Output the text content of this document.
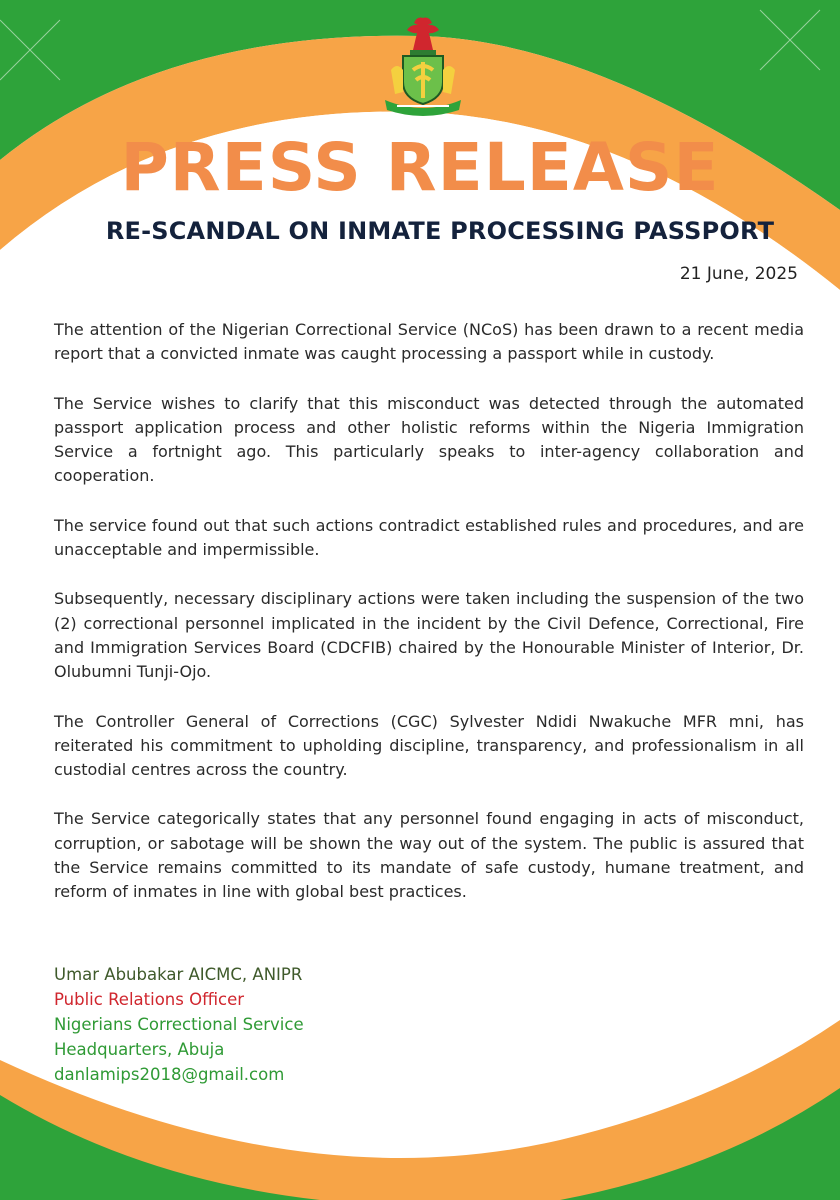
PRESS RELEASE
RE-SCANDAL ON INMATE PROCESSING PASSPORT

21 June, 2025

The attention of the Nigerian Correctional Service (NCoS) has been drawn to a recent media report that a convicted inmate was caught processing a passport while in custody.

The Service wishes to clarify that this misconduct was detected through the automated passport application process and other holistic reforms within the Nigeria Immigration Service a fortnight ago. This particularly speaks to inter-agency collaboration and cooperation.

The service found out that such actions contradict established rules and procedures, and are unacceptable and impermissible.

Subsequently, necessary disciplinary actions were taken including the suspension of the two (2) correctional personnel implicated in the incident by the Civil Defence, Correctional, Fire and Immigration Services Board (CDCFIB) chaired by the Honourable Minister of Interior, Dr. Olubumni Tunji-Ojo.

The Controller General of Corrections (CGC) Sylvester Ndidi Nwakuche MFR mni, has reiterated his commitment to upholding discipline, transparency, and professionalism in all custodial centres across the country.

The Service categorically states that any personnel found engaging in acts of misconduct, corruption, or sabotage will be shown the way out of the system. The public is assured that the Service remains committed to its mandate of safe custody, humane treatment, and reform of inmates in line with global best practices.

Umar Abubakar AICMC, ANIPR
Public Relations Officer
Nigerians Correctional Service
Headquarters, Abuja
danlamips2018@gmail.com
